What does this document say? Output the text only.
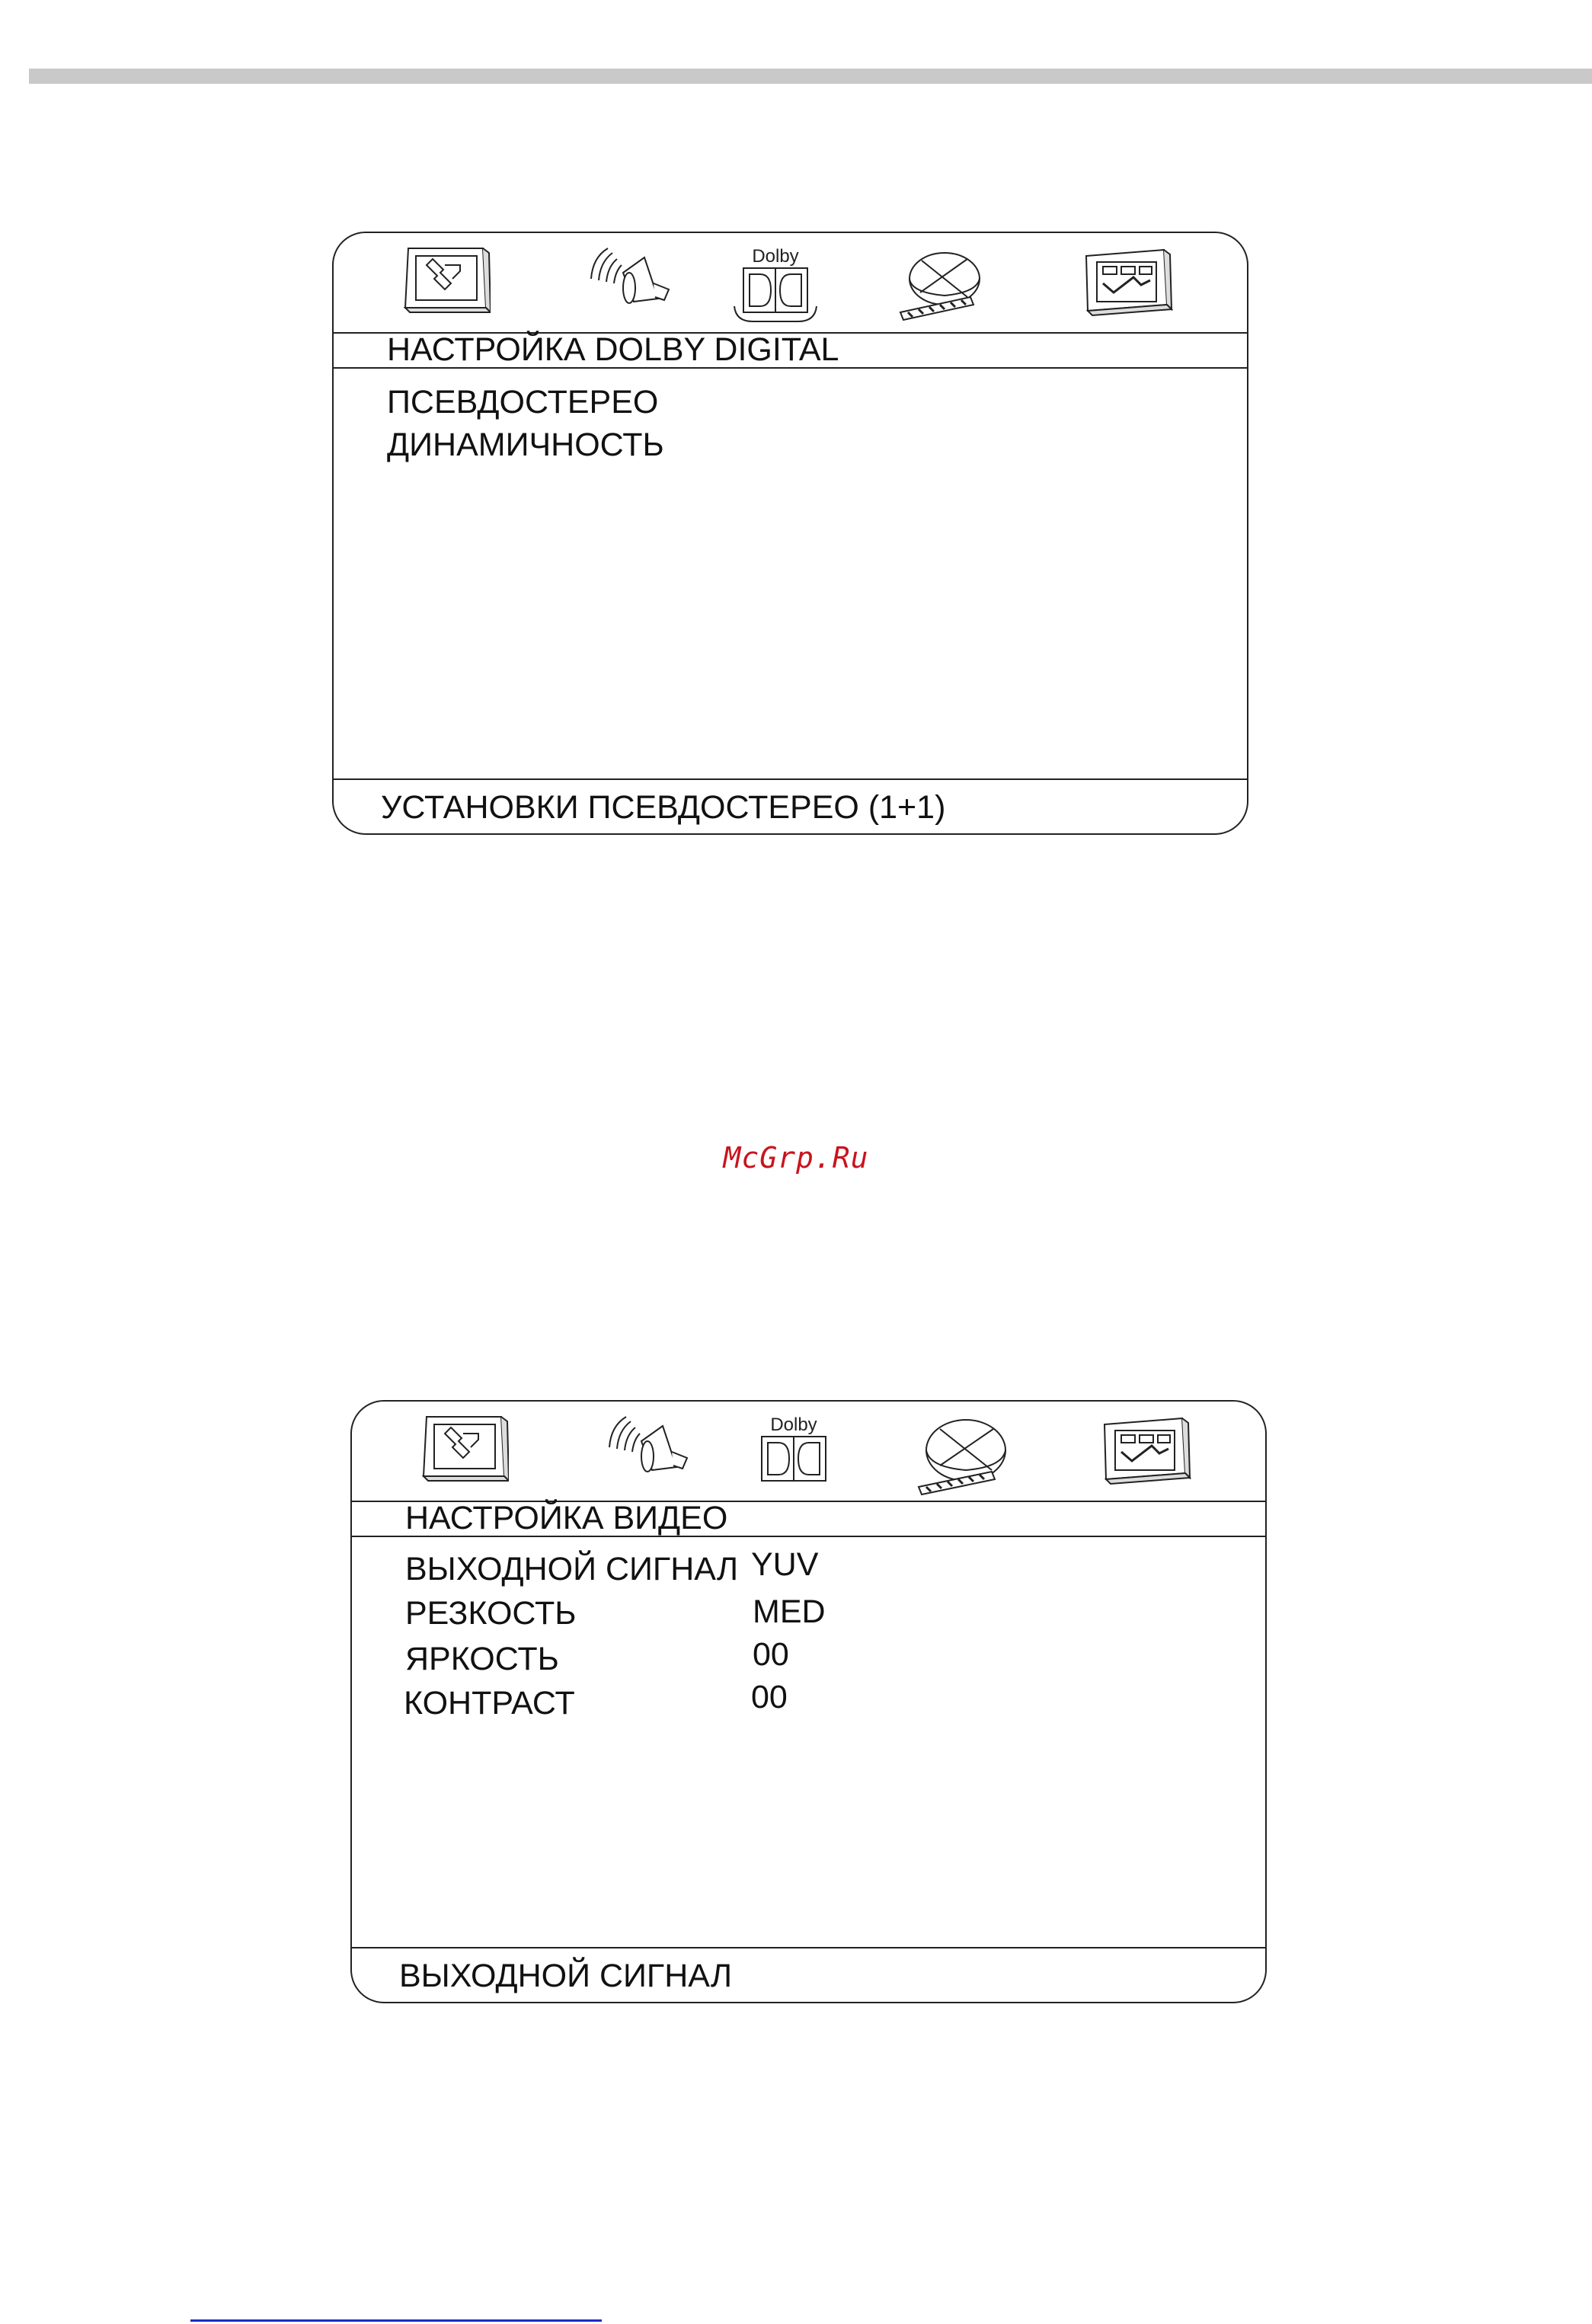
Dolby
НАСТРОЙКА DOLBY DIGITAL
ПСЕВДОСТЕРЕО
ДИНАМИЧНОСТЬ
УСТАНОВКИ ПСЕВДОСТЕРЕО (1+1)
McGrp.Ru
Dolby
НАСТРОЙКА ВИДЕО
ВЫХОДНОЙ СИГНАЛ YUV
РЕЗКОСТЬ	MED
ЯРКОСТЬ	00
КОНТРАСТ	00
ВЫХОДНОЙ СИГНАЛ
